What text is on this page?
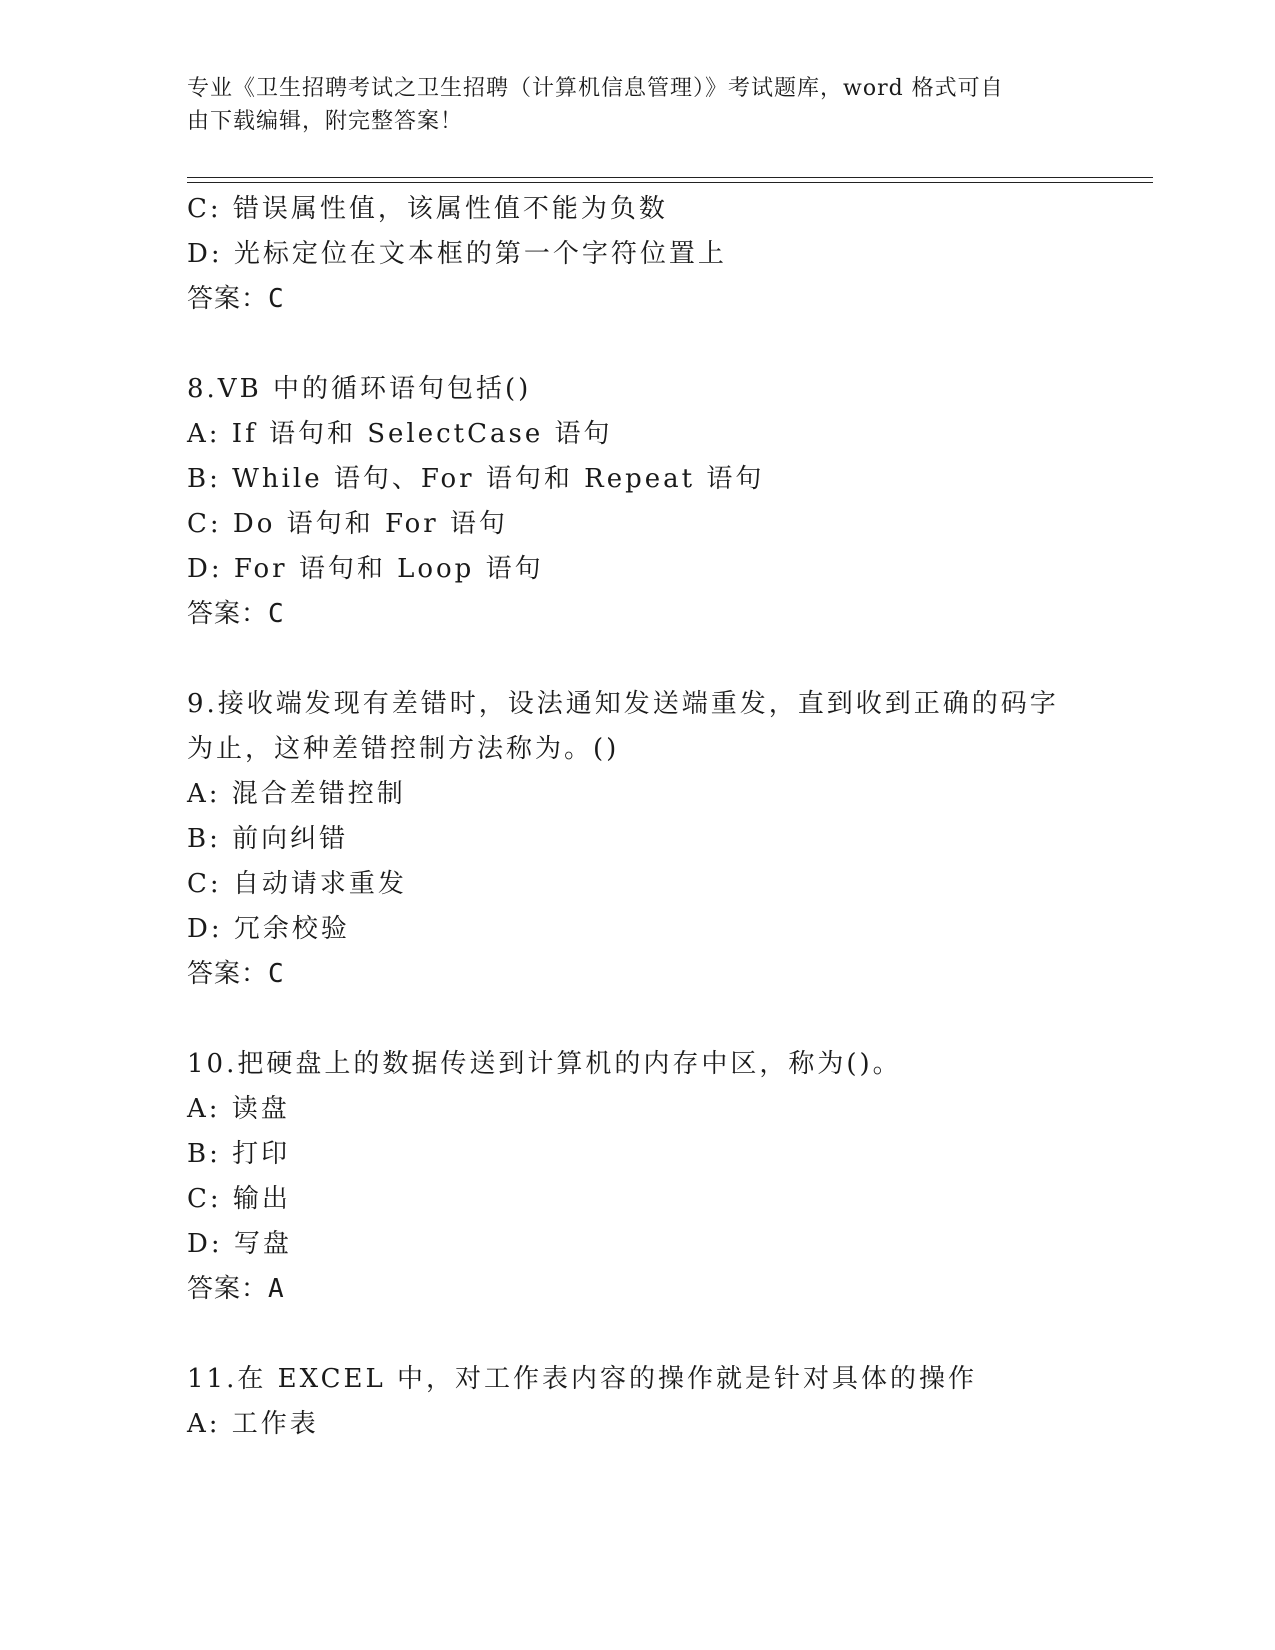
专业《卫生招聘考试之卫生招聘（计算机信息管理）》考试题库，word 格式可自
由下载编辑，附完整答案！
C: 错误属性值，该属性值不能为负数
D: 光标定位在文本框的第一个字符位置上
答案：C
8.VB 中的循环语句包括()
A: If 语句和 SelectCase 语句
B: While 语句、For 语句和 Repeat 语句
C: Do 语句和 For 语句
D: For 语句和 Loop 语句
答案：C
9.接收端发现有差错时，设法通知发送端重发，直到收到正确的码字
为止，这种差错控制方法称为。()
A: 混合差错控制
B: 前向纠错
C: 自动请求重发
D: 冗余校验
答案：C
10.把硬盘上的数据传送到计算机的内存中区，称为()。
A: 读盘
B: 打印
C: 输出
D: 写盘
答案：A
11.在 EXCEL 中，对工作表内容的操作就是针对具体的操作
A: 工作表
